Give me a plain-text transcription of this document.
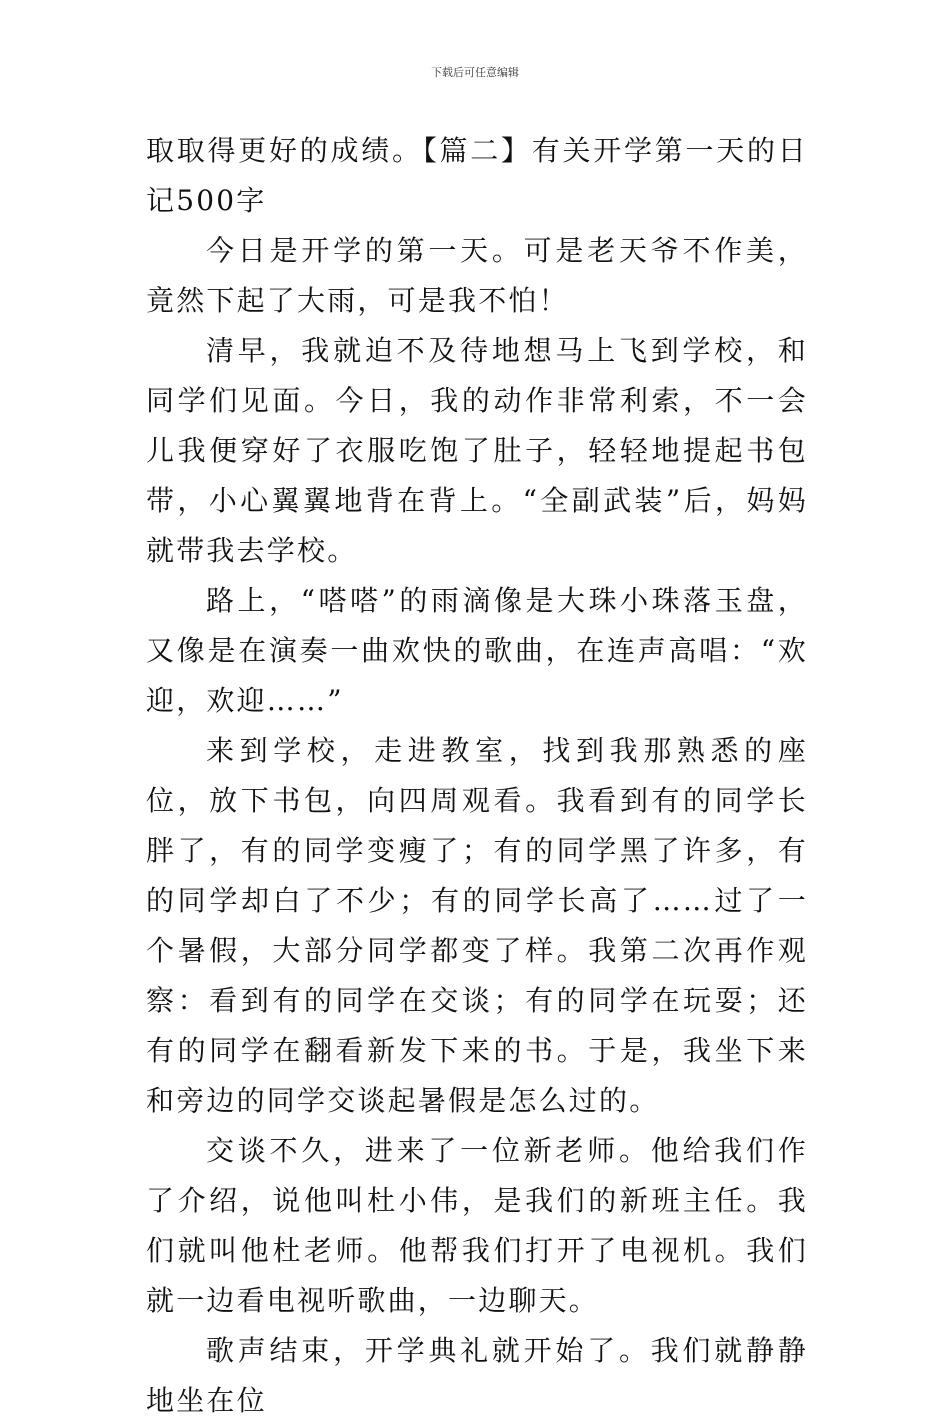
下载后可任意编辑

取取得更好的成绩。【篇二】有关开学第一天的日记500字

今日是开学的第一天。可是老天爷不作美，竟然下起了大雨，可是我不怕！

清早，我就迫不及待地想马上飞到学校，和同学们见面。今日，我的动作非常利索，不一会儿我便穿好了衣服吃饱了肚子，轻轻地提起书包带，小心翼翼地背在背上。“全副武装”后，妈妈就带我去学校。

路上，“嗒嗒”的雨滴像是大珠小珠落玉盘，又像是在演奏一曲欢快的歌曲，在连声高唱：“欢迎，欢迎……”

来到学校，走进教室，找到我那熟悉的座位，放下书包，向四周观看。我看到有的同学长胖了，有的同学变瘦了；有的同学黑了许多，有的同学却白了不少；有的同学长高了……过了一个暑假，大部分同学都变了样。我第二次再作观察：看到有的同学在交谈；有的同学在玩耍；还有的同学在翻看新发下来的书。于是，我坐下来和旁边的同学交谈起暑假是怎么过的。

交谈不久，进来了一位新老师。他给我们作了介绍，说他叫杜小伟，是我们的新班主任。我们就叫他杜老师。他帮我们打开了电视机。我们就一边看电视听歌曲，一边聊天。

歌声结束，开学典礼就开始了。我们就静静地坐在位
